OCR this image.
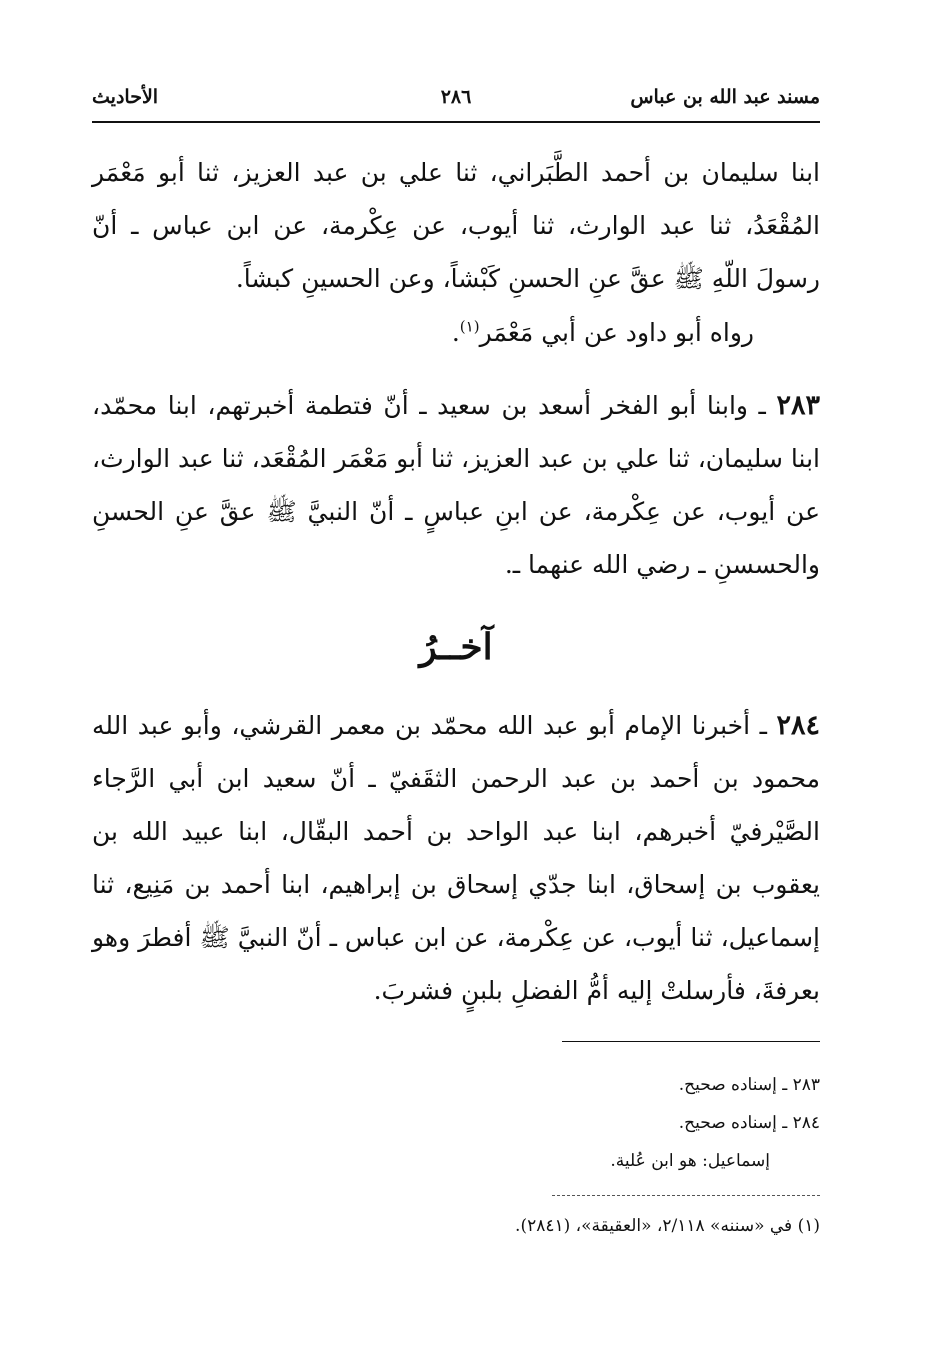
مسند عبد الله بن عباس
٢٨٦
الأحاديث

ابنا سليمان بن أحمد الطَّبَراني، ثنا علي بن عبد العزيز، ثنا أبو مَعْمَر المُقْعَدُ، ثنا عبد الوارث، ثنا أيوب، عن عِكْرمة، عن ابن عباس ـ أنّ رسولَ اللّهِ ﷺ عقَّ عنِ الحسنِ كَبْشاً، وعن الحسينِ كبشاً.

رواه أبو داود عن أبي مَعْمَر$^{(١)}$.

٢٨٣ ـ وابنا أبو الفخر أسعد بن سعيد ـ أنّ فتطمة أخبرتهم، ابنا محمّد، ابنا سليمان، ثنا علي بن عبد العزيز، ثنا أبو مَعْمَر المُقْعَد، ثنا عبد الوارث، عن أيوب، عن عِكْرمة، عن ابنِ عباسٍ ـ أنّ النبيَّ ﷺ عقَّ عنِ الحسنِ والحسسنِ ـ رضي الله عنهما ـ.

آخــرُ

٢٨٤ ـ أخبرنا الإمام أبو عبد الله محمّد بن معمر القرشي، وأبو عبد الله محمود بن أحمد بن عبد الرحمن الثقَفيّ ـ أنّ سعيد ابن أبي الرَّجاء الصَّيْرفيّ أخبرهم، ابنا عبد الواحد بن أحمد البقّال، ابنا عبيد الله بن يعقوب بن إسحاق، ابنا جدّي إسحاق بن إبراهيم، ابنا أحمد بن مَنِيع، ثنا إسماعيل، ثنا أيوب، عن عِكْرمة، عن ابن عباس ـ أنّ النبيَّ ﷺ أفطرَ وهو بعرفةَ، فأرسلتْ إليه أمُّ الفضلِ بلبنٍ فشربَ.

٢٨٣ ـ إسناده صحيح.

٢٨٤ ـ إسناده صحيح.

إسماعيل: هو ابن عُلية.

(١) في «سننه» ٢/١١٨، «العقيقة»، (٢٨٤١).
